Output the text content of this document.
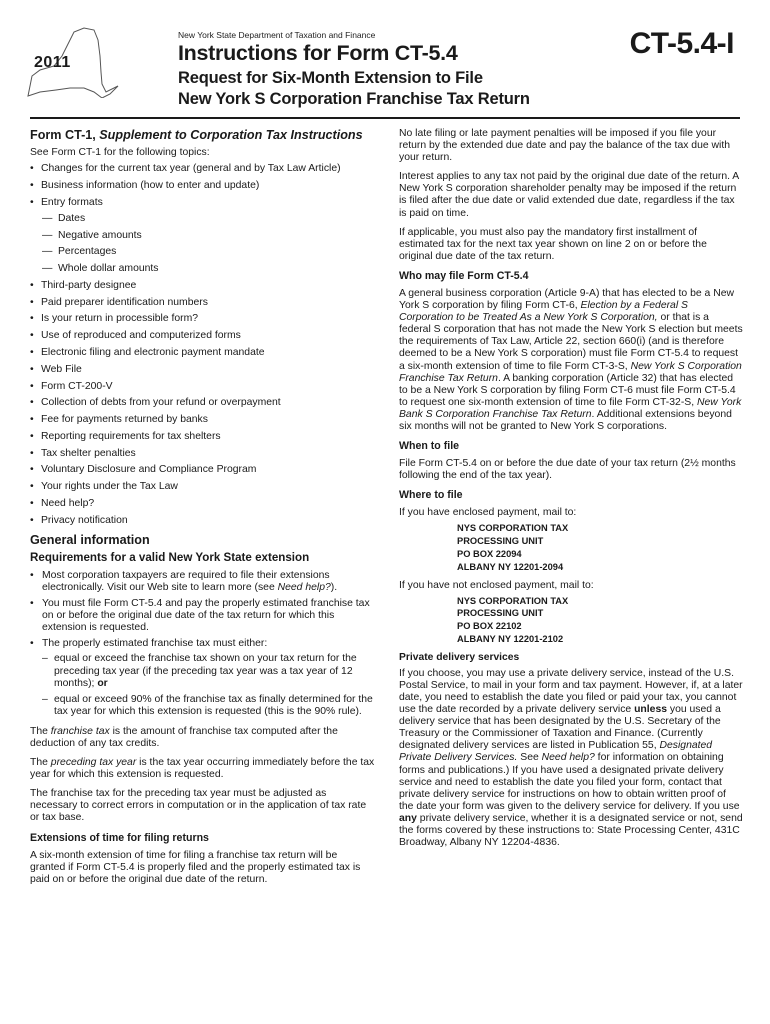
2011
New York State Department of Taxation and Finance	CT-5.4-I
Instructions for Form CT-5.4
Request for Six-Month Extension to File
New York S Corporation Franchise Tax Return
Form CT-1, Supplement to Corporation Tax Instructions

See Form CT-1 for the following topics:

• Changes for the current tax year (general and by Tax Law Article)
• Business information (how to enter and update)
• Entry formats
— Dates
— Negative amounts
— Percentages
— Whole dollar amounts
• Third-party designee
• Paid preparer identification numbers
• Is your return in processible form?
• Use of reproduced and computerized forms
• Electronic filing and electronic payment mandate
• Web File
• Form CT-200-V
• Collection of debts from your refund or overpayment
• Fee for payments returned by banks
• Reporting requirements for tax shelters
• Tax shelter penalties
• Voluntary Disclosure and Compliance Program
• Your rights under the Tax Law
• Need help?
• Privacy notification
General information
Requirements for a valid New York State extension
• Most corporation taxpayers are required to file their extensions electronically. Visit our Web site to learn more (see Need help?).
• You must file Form CT-5.4 and pay the properly estimated franchise tax on or before the original due date of the tax return for which this extension is requested.
• The properly estimated franchise tax must either:
– equal or exceed the franchise tax shown on your tax return for the preceding tax year (if the preceding tax year was a tax year of 12 months); or
– equal or exceed 90% of the franchise tax as finally determined for the tax year for which this extension is requested (this is the 90% rule).

The franchise tax is the amount of franchise tax computed after the deduction of any tax credits.

The preceding tax year is the tax year occurring immediately before the tax year for which this extension is requested.

The franchise tax for the preceding tax year must be adjusted as necessary to correct errors in computation or in the application of tax rate or tax base.

Extensions of time for filing returns

A six-month extension of time for filing a franchise tax return will be granted if Form CT-5.4 is properly filed and the properly estimated tax is paid on or before the original due date of the return.

No late filing or late payment penalties will be imposed if you file your return by the extended due date and pay the balance of the tax due with your return.

Interest applies to any tax not paid by the original due date of the return. A New York S corporation shareholder penalty may be imposed if the return is filed after the due date or valid extended due date, regardless if the tax is paid on time.

If applicable, you must also pay the mandatory first installment of estimated tax for the next tax year shown on line 2 on or before the original due date of the tax return.

Who may file Form CT-5.4

A general business corporation (Article 9-A) that has elected to be a New York S corporation by filing Form CT-6, Election by a Federal S Corporation to be Treated As a New York S Corporation, or that is a federal S corporation that has not made the New York S election but meets the requirements of Tax Law, Article 22, section 660(i) (and is therefore deemed to be a New York S corporation) must file Form CT-5.4 to request a six-month extension of time to file Form CT-3-S, New York S Corporation Franchise Tax Return. A banking corporation (Article 32) that has elected to be a New York S corporation by filing Form CT-6 must file Form CT-5.4 to request one six-month extension of time to file Form CT-32-S, New York Bank S Corporation Franchise Tax Return. Additional extensions beyond six months will not be granted to New York S corporations.

When to file

File Form CT-5.4 on or before the due date of your tax return (2½ months following the end of the tax year).

Where to file

If you have enclosed payment, mail to:

NYS CORPORATION TAX
PROCESSING UNIT
PO BOX 22094
ALBANY NY 12201-2094

If you have not enclosed payment, mail to:

NYS CORPORATION TAX
PROCESSING UNIT
PO BOX 22102
ALBANY NY 12201-2102
Private delivery services

If you choose, you may use a private delivery service, instead of the U.S. Postal Service, to mail in your form and tax payment. However, if, at a later date, you need to establish the date you filed or paid your tax, you cannot use the date recorded by a private delivery service unless you used a delivery service that has been designated by the U.S. Secretary of the Treasury or the Commissioner of Taxation and Finance. (Currently designated delivery services are listed in Publication 55, Designated Private Delivery Services. See Need help? for information on obtaining forms and publications.) If you have used a designated private delivery service and need to establish the date you filed your form, contact that private delivery service for instructions on how to obtain written proof of the date your form was given to the delivery service for delivery. If you use any private delivery service, whether it is a designated service or not, send the forms covered by these instructions to: State Processing Center, 431C Broadway, Albany NY 12204-4836.
